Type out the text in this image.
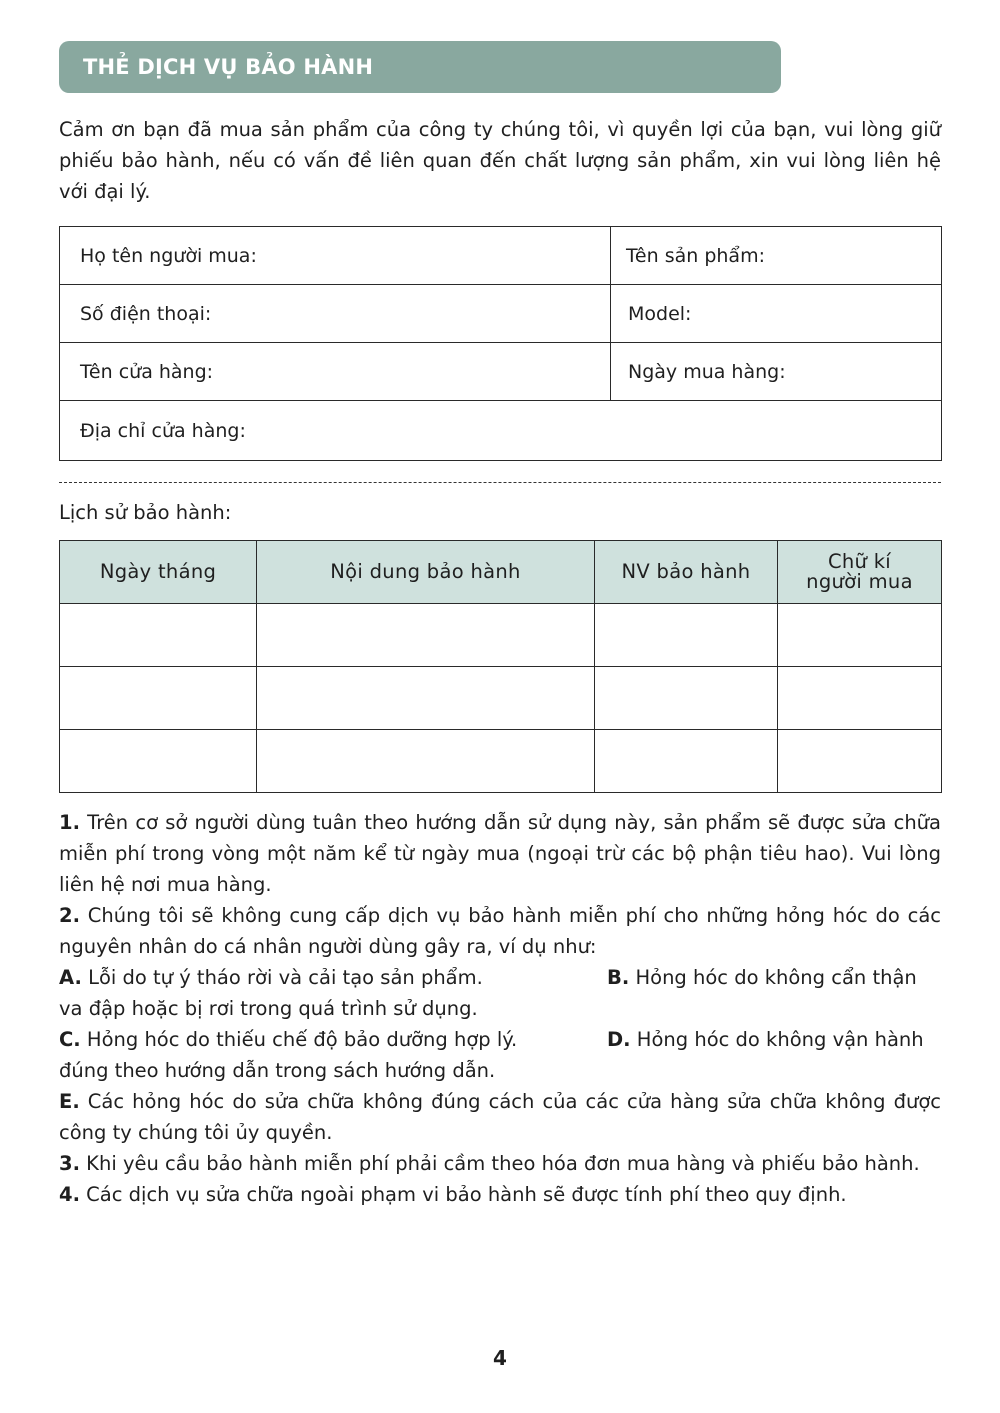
THẺ DỊCH VỤ BẢO HÀNH

Cảm ơn bạn đã mua sản phẩm của công ty chúng tôi, vì quyền lợi của bạn, vui lòng giữ phiếu bảo hành, nếu có vấn đề liên quan đến chất lượng sản phẩm, xin vui lòng liên hệ với đại lý.

Họ tên người mua:	Tên sản phẩm:
Số điện thoại:	Model:
Tên cửa hàng:	Ngày mua hàng:
Địa chỉ cửa hàng:	
Lịch sử bảo hành:
Ngày tháng	Nội dung bảo hành	NV bảo hành	Chữ kí
người mua

1. Trên cơ sở người dùng tuân theo hướng dẫn sử dụng này, sản phẩm sẽ được sửa chữa miễn phí trong vòng một năm kể từ ngày mua (ngoại trừ các bộ phận tiêu hao). Vui lòng liên hệ nơi mua hàng.

2. Chúng tôi sẽ không cung cấp dịch vụ bảo hành miễn phí cho những hỏng hóc do các nguyên nhân do cá nhân người dùng gây ra, ví dụ như:

A. Lỗi do tự ý tháo rời và cải tạo sản phẩm.	B. Hỏng hóc do không cẩn thận

va đập hoặc bị rơi trong quá trình sử dụng.

C. Hỏng hóc do thiếu chế độ bảo dưỡng hợp lý.	D. Hỏng hóc do không vận hành

đúng theo hướng dẫn trong sách hướng dẫn.

E. Các hỏng hóc do sửa chữa không đúng cách của các cửa hàng sửa chữa không được công ty chúng tôi ủy quyền.

3. Khi yêu cầu bảo hành miễn phí phải cầm theo hóa đơn mua hàng và phiếu bảo hành.

4. Các dịch vụ sửa chữa ngoài phạm vi bảo hành sẽ được tính phí theo quy định.

4
